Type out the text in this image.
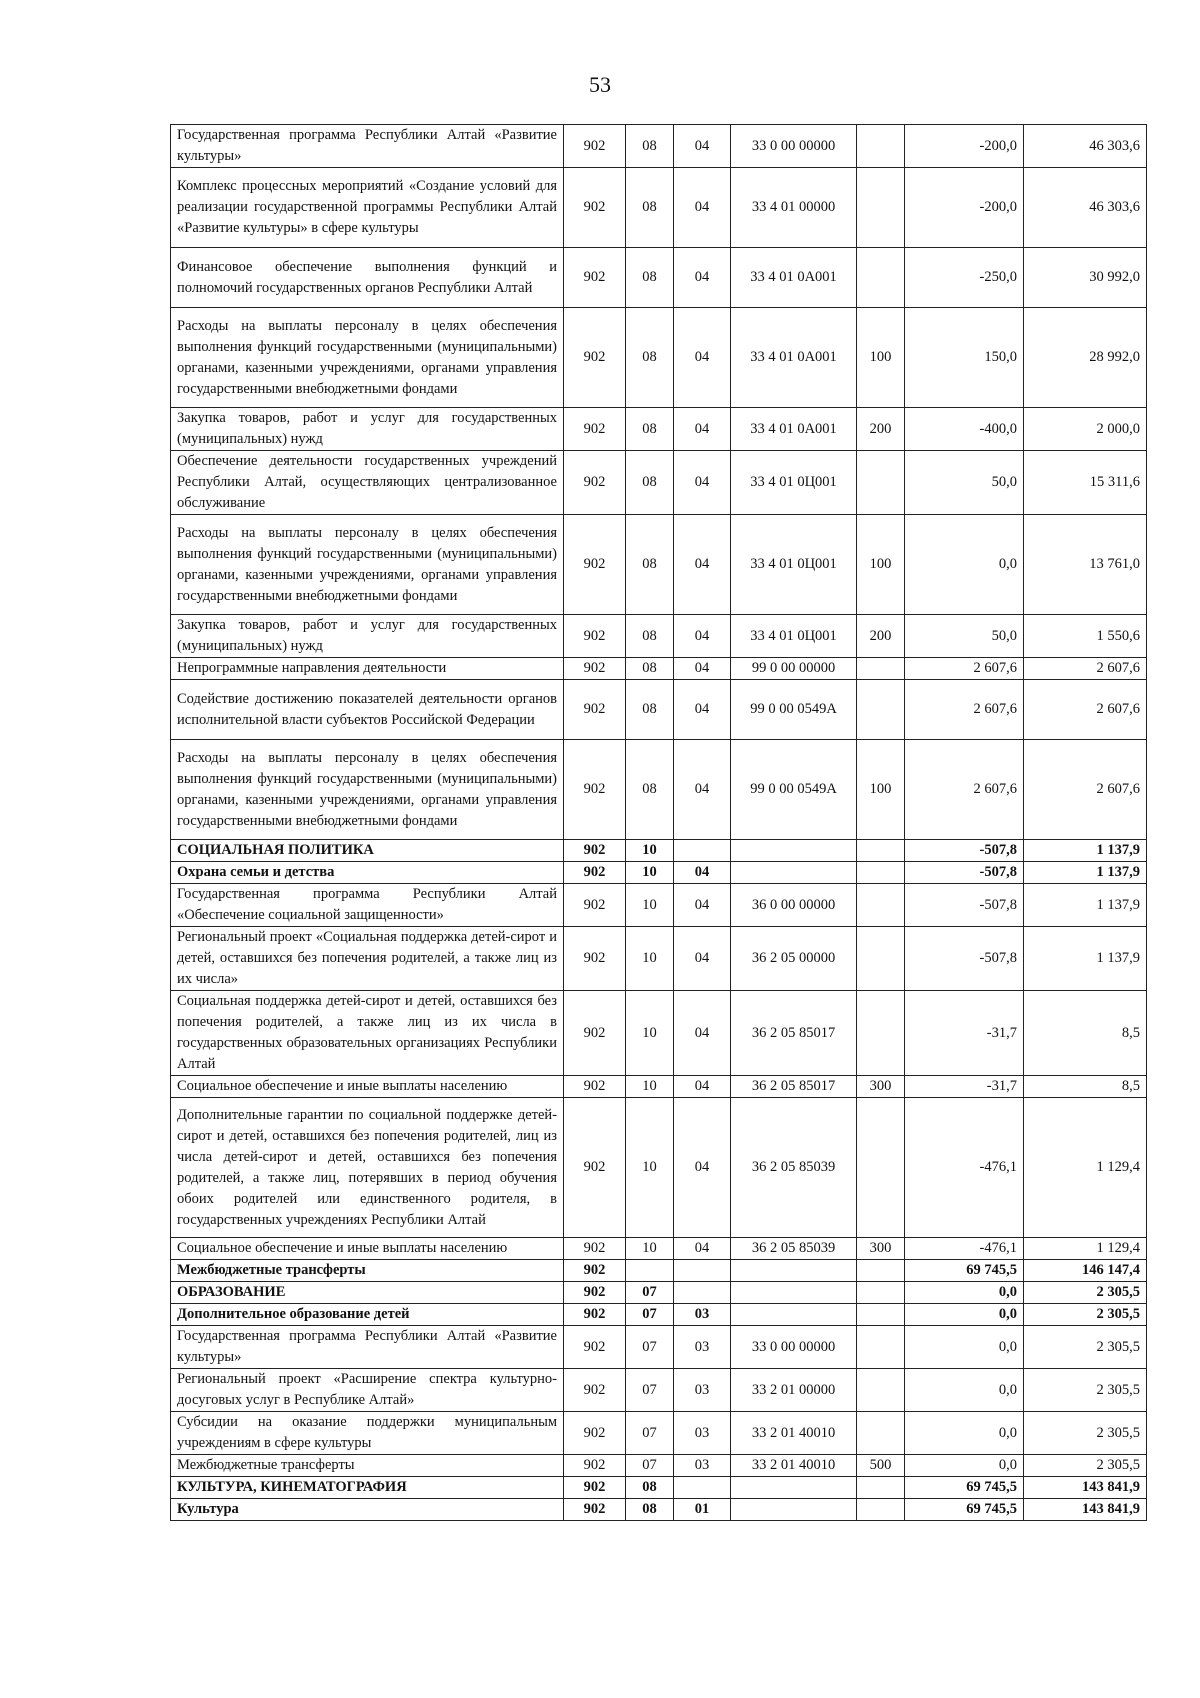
53
Государственная программа Республики Алтай «Развитие культуры»	902	08	04	33 0 00 00000		-200,0	46 303,6
Комплекс процессных мероприятий «Создание условий для реализации государственной программы Республики Алтай «Развитие культуры» в сфере культуры	902	08	04	33 4 01 00000		-200,0	46 303,6
Финансовое обеспечение выполнения функций и полномочий государственных органов Республики Алтай	902	08	04	33 4 01 0А001		-250,0	30 992,0
Расходы на выплаты персоналу в целях обеспечения выполнения функций государственными (муниципальными) органами, казенными учреждениями, органами управления государственными внебюджетными фондами	902	08	04	33 4 01 0А001	100	150,0	28 992,0
Закупка товаров, работ и услуг для государственных (муниципальных) нужд	902	08	04	33 4 01 0А001	200	-400,0	2 000,0
Обеспечение деятельности государственных учреждений Республики Алтай, осуществляющих централизованное обслуживание	902	08	04	33 4 01 0Ц001		50,0	15 311,6
Расходы на выплаты персоналу в целях обеспечения выполнения функций государственными (муниципальными) органами, казенными учреждениями, органами управления государственными внебюджетными фондами	902	08	04	33 4 01 0Ц001	100	0,0	13 761,0
Закупка товаров, работ и услуг для государственных (муниципальных) нужд	902	08	04	33 4 01 0Ц001	200	50,0	1 550,6
Непрограммные направления деятельности	902	08	04	99 0 00 00000		2 607,6	2 607,6
Содействие достижению показателей деятельности органов исполнительной власти субъектов Российской Федерации	902	08	04	99 0 00 0549А		2 607,6	2 607,6
Расходы на выплаты персоналу в целях обеспечения выполнения функций государственными (муниципальными) органами, казенными учреждениями, органами управления государственными внебюджетными фондами	902	08	04	99 0 00 0549А	100	2 607,6	2 607,6
СОЦИАЛЬНАЯ ПОЛИТИКА	902	10				-507,8	1 137,9
Охрана семьи и детства	902	10	04			-507,8	1 137,9
Государственная программа Республики Алтай «Обеспечение социальной защищенности»	902	10	04	36 0 00 00000		-507,8	1 137,9
Региональный проект «Социальная поддержка детей-сирот и детей, оставшихся без попечения родителей, а также лиц из их числа»	902	10	04	36 2 05 00000		-507,8	1 137,9
Социальная поддержка детей-сирот и детей, оставшихся без попечения родителей, а также лиц из их числа в государственных образовательных организациях Республики Алтай	902	10	04	36 2 05 85017		-31,7	8,5
Социальное обеспечение и иные выплаты населению	902	10	04	36 2 05 85017	300	-31,7	8,5
Дополнительные гарантии по социальной поддержке детей-сирот и детей, оставшихся без попечения родителей, лиц из числа детей-сирот и детей, оставшихся без попечения родителей, а также лиц, потерявших в период обучения обоих родителей или единственного родителя, в государственных учреждениях Республики Алтай	902	10	04	36 2 05 85039		-476,1	1 129,4
Социальное обеспечение и иные выплаты населению	902	10	04	36 2 05 85039	300	-476,1	1 129,4
Межбюджетные трансферты	902					69 745,5	146 147,4
ОБРАЗОВАНИЕ	902	07				0,0	2 305,5
Дополнительное образование детей	902	07	03			0,0	2 305,5
Государственная программа Республики Алтай «Развитие культуры»	902	07	03	33 0 00 00000		0,0	2 305,5
Региональный проект «Расширение спектра культурно-досуговых услуг в Республике Алтай»	902	07	03	33 2 01 00000		0,0	2 305,5
Субсидии на оказание поддержки муниципальным учреждениям в сфере культуры	902	07	03	33 2 01 40010		0,0	2 305,5
Межбюджетные трансферты	902	07	03	33 2 01 40010	500	0,0	2 305,5
КУЛЬТУРА, КИНЕМАТОГРАФИЯ	902	08				69 745,5	143 841,9
Культура	902	08	01			69 745,5	143 841,9
